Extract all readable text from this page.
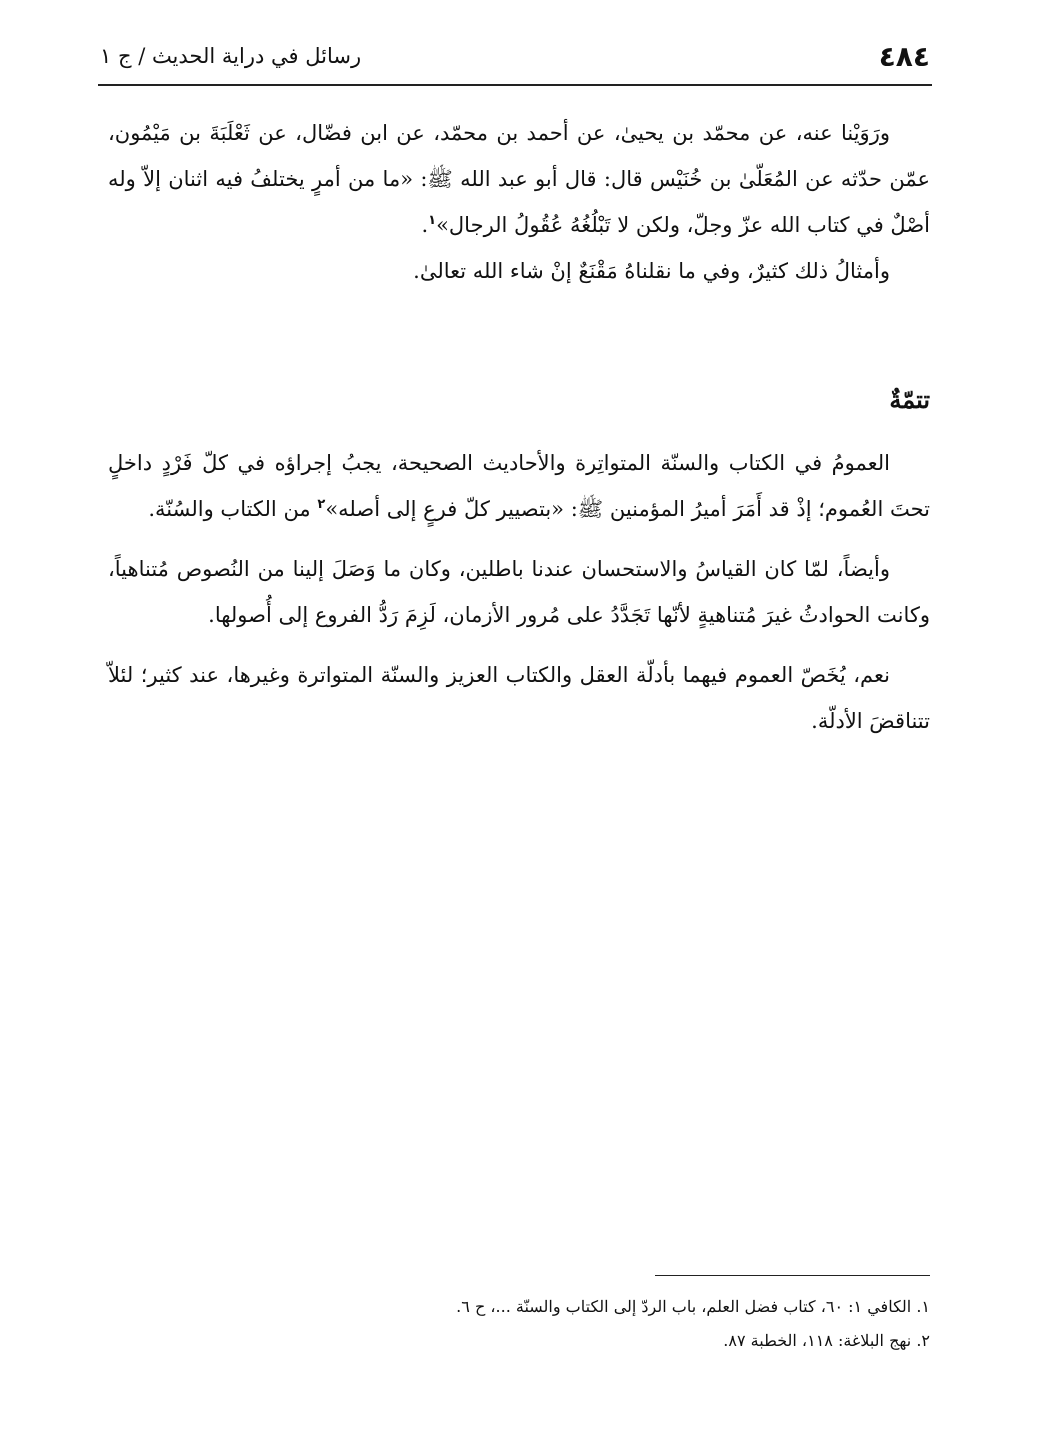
٤٨٤
رسائل في دراية الحديث / ج ١

ورَوَيْنا عنه، عن محمّد بن يحيىٰ، عن أحمد بن محمّد، عن ابن فضّال، عن ثَعْلَبَةَ بن مَيْمُون، عمّن حدّثه عن المُعَلّىٰ بن خُنَيْس قال: قال أبو عبد الله ﷺ: «ما من أمرٍ يختلفُ فيه اثنان إلاّ وله أصْلٌ في كتاب الله عزّ وجلّ، ولكن لا تَبْلُغُهُ عُقُولُ الرجال»$^١$.

وأمثالُ ذلك كثيرٌ، وفي ما نقلناهُ مَقْنَعٌ إنْ شاء الله تعالىٰ.

تتمّةٌ

العمومُ في الكتاب والسنّة المتواتِرة والأحاديث الصحيحة، يجبُ إجراؤه في كلّ فَرْدٍ داخلٍ تحتَ العُموم؛ إذْ قد أَمَرَ أميرُ المؤمنين ﷺ: «بتصيير كلّ فرعٍ إلى أصله»$^٢$ من الكتاب والسُنّة.

وأيضاً، لمّا كان القياسُ والاستحسان عندنا باطلين، وكان ما وَصَلَ إلينا من النُصوص مُتناهياً، وكانت الحوادثُ غيرَ مُتناهيةٍ لأنّها تَجَدَّدُ على مُرور الأزمان، لَزِمَ رَدُّ الفروع إلى أُصولها.

نعم، يُخَصّ العموم فيهما بأدلّة العقل والكتاب العزيز والسنّة المتواترة وغيرها، عند كثير؛ لئلاّ تتناقضَ الأدلّة.

١. الكافي ١: ٦٠، كتاب فضل العلم، باب الردّ إلى الكتاب والسنّة ...، ح ٦.
٢. نهج البلاغة: ١١٨، الخطبة ٨٧.
